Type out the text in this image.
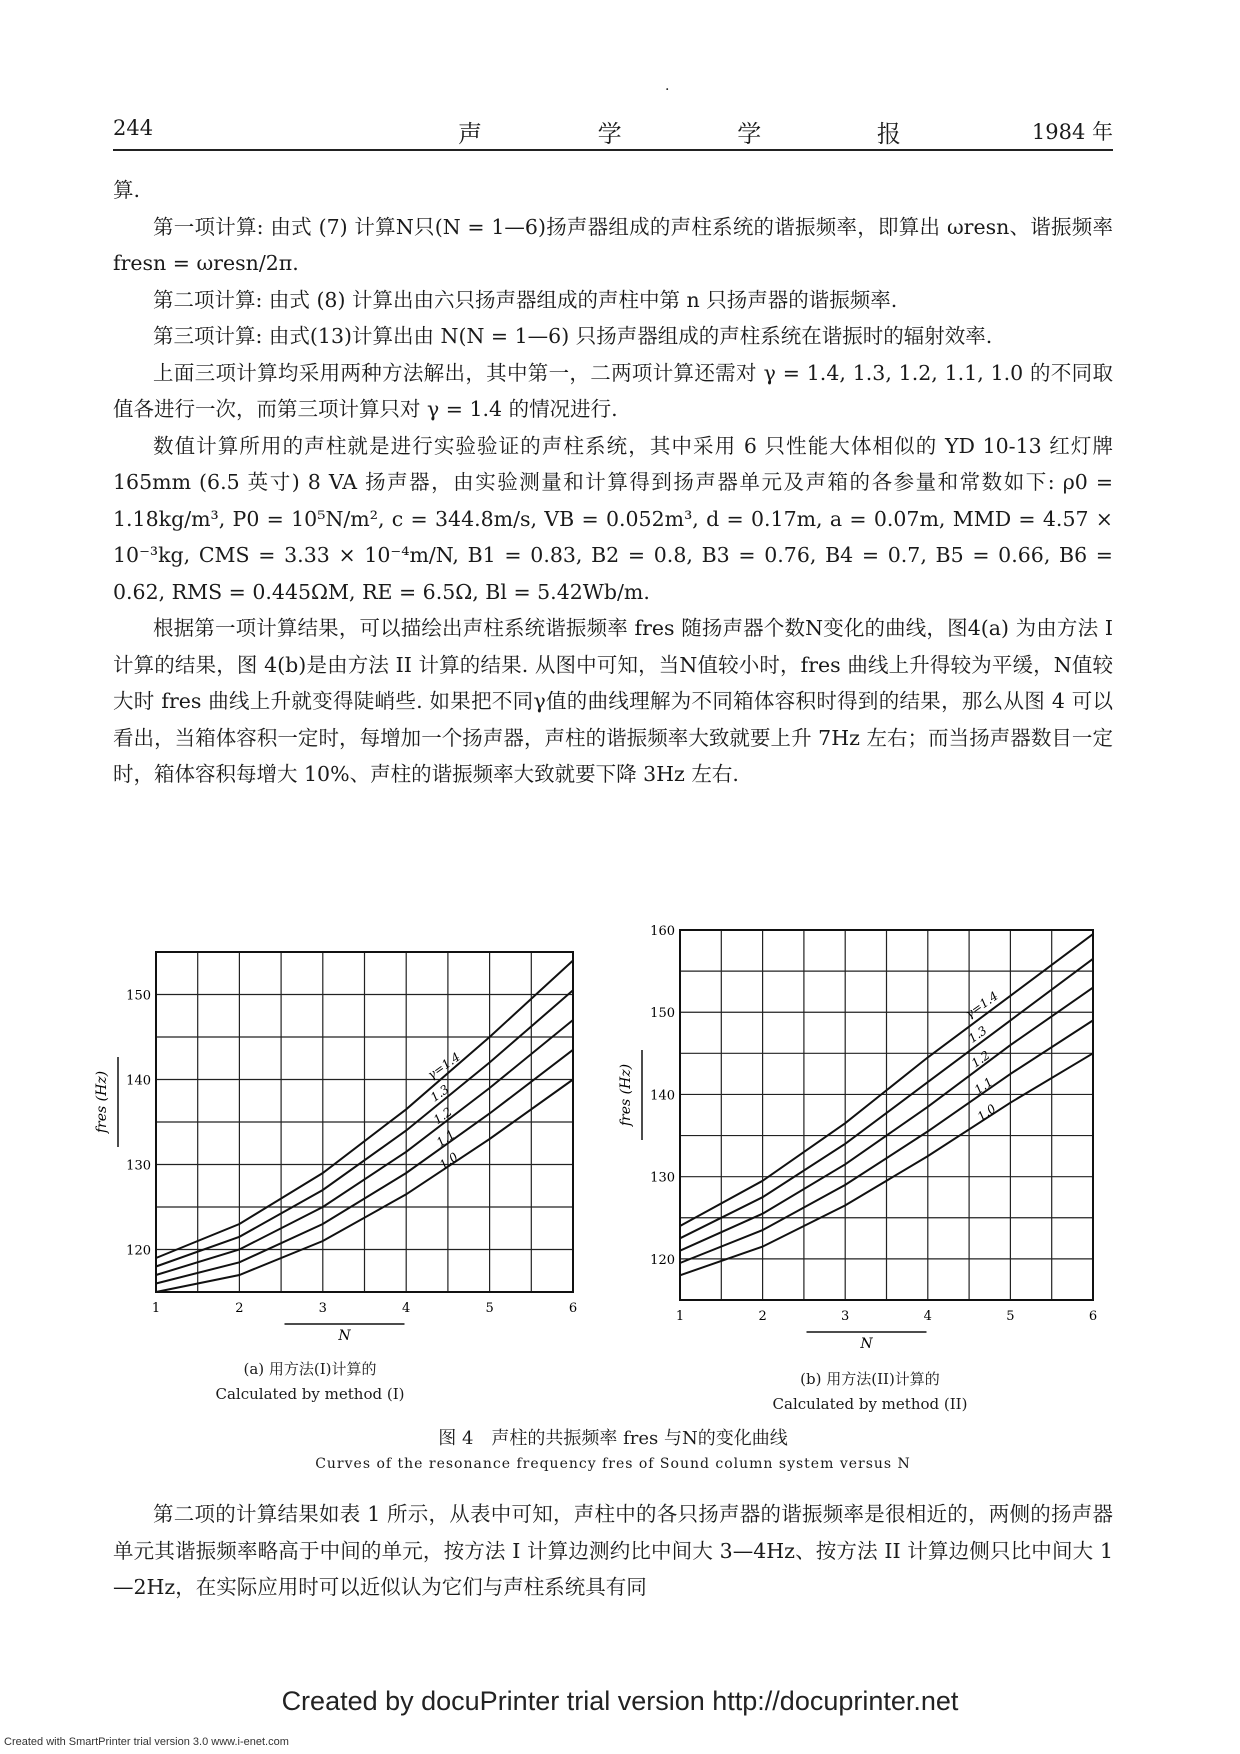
·
244	声 学 学 报	1984 年

算.

第一项计算: 由式 (7) 计算N只(N = 1—6)扬声器组成的声柱系统的谐振频率，即算出 ωresn、谐振频率 fresn = ωresn/2π.

第二项计算: 由式 (8) 计算出由六只扬声器组成的声柱中第 n 只扬声器的谐振频率.

第三项计算: 由式(13)计算出由 N(N = 1—6) 只扬声器组成的声柱系统在谐振时的辐射效率.

上面三项计算均采用两种方法解出，其中第一，二两项计算还需对 γ = 1.4, 1.3, 1.2, 1.1, 1.0 的不同取值各进行一次，而第三项计算只对 γ = 1.4 的情况进行.

数值计算所用的声柱就是进行实验验证的声柱系统，其中采用 6 只性能大体相似的 YD 10-13 红灯牌 165mm (6.5 英寸) 8 VA 扬声器，由实验测量和计算得到扬声器单元及声箱的各参量和常数如下: ρ0 = 1.18kg/m³, P0 = 10⁵N/m², c = 344.8m/s, VB = 0.052m³, d = 0.17m, a = 0.07m, MMD = 4.57 × 10⁻³kg, CMS = 3.33 × 10⁻⁴m/N, B1 = 0.83, B2 = 0.8, B3 = 0.76, B4 = 0.7, B5 = 0.66, B6 = 0.62, RMS = 0.445ΩM, RE = 6.5Ω, Bl = 5.42Wb/m.

根据第一项计算结果，可以描绘出声柱系统谐振频率 fres 随扬声器个数N变化的曲线，图4(a) 为由方法 I 计算的结果，图 4(b)是由方法 II 计算的结果. 从图中可知，当N值较小时，fres 曲线上升得较为平缓，N值较大时 fres 曲线上升就变得陡峭些. 如果把不同γ值的曲线理解为不同箱体容积时得到的结果，那么从图 4 可以看出，当箱体容积一定时，每增加一个扬声器，声柱的谐振频率大致就要上升 7Hz 左右；而当扬声器数目一定时，箱体容积每增大 10%、声柱的谐振频率大致就要下降 3Hz 左右.

1	2	3	4	5	6
N
120
130
140
150
fres (Hz)
γ=1.4
1.3
1.2
1.1
1.0
1	2	3	4	5	6
N
120
130
140
150
160
fres (Hz)
γ=1.4
1.3
1.2
1.1
1.0
(a) 用方法(I)计算的
Calculated by method (I)
(b) 用方法(II)计算的
Calculated by method (II)
图 4　声柱的共振频率 fres 与N的变化曲线
Curves of the resonance frequency fres of Sound column system versus N

第二项的计算结果如表 1 所示，从表中可知，声柱中的各只扬声器的谐振频率是很相近的，两侧的扬声器单元其谐振频率略高于中间的单元，按方法 I 计算边测约比中间大 3—4Hz、按方法 II 计算边侧只比中间大 1—2Hz，在实际应用时可以近似认为它们与声柱系统具有同

Created by docuPrinter trial version http://docuprinter.net
Created with SmartPrinter trial version 3.0 www.i-enet.com
